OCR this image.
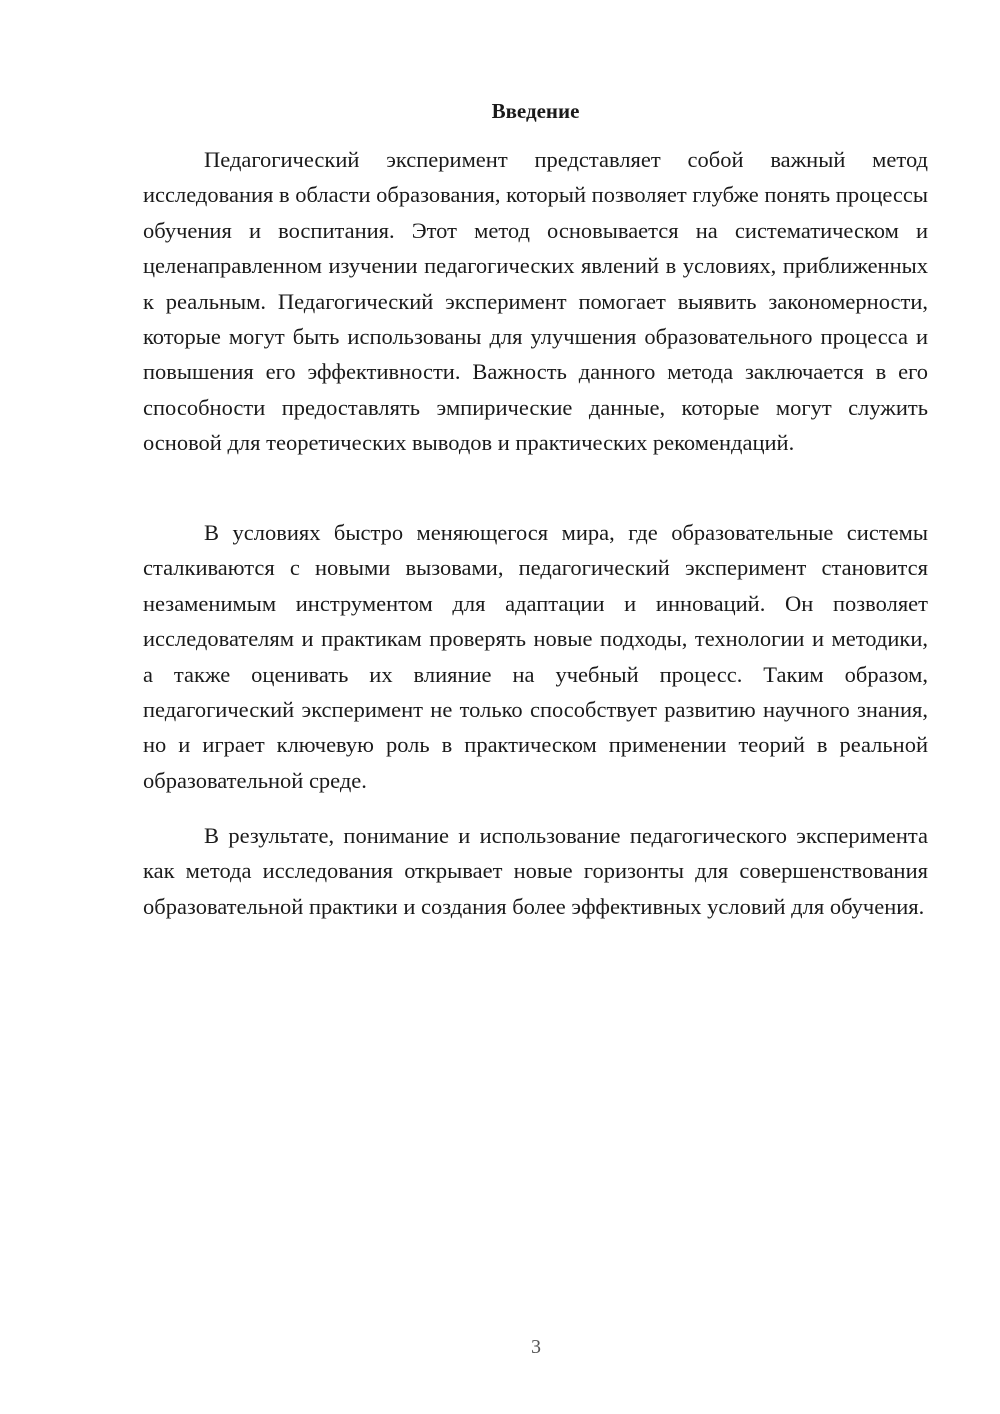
Введение

Педагогический эксперимент представляет собой важный метод исследования в области образования, который позволяет глубже понять процессы обучения и воспитания. Этот метод основывается на систематическом и целенаправленном изучении педагогических явлений в условиях, приближенных к реальным. Педагогический эксперимент помогает выявить закономерности, которые могут быть использованы для улучшения образовательного процесса и повышения его эффективности. Важность данного метода заключается в его способности предоставлять эмпирические данные, которые могут служить основой для теоретических выводов и практических рекомендаций.

В условиях быстро меняющегося мира, где образовательные системы сталкиваются с новыми вызовами, педагогический эксперимент становится незаменимым инструментом для адаптации и инноваций. Он позволяет исследователям и практикам проверять новые подходы, технологии и методики, а также оценивать их влияние на учебный процесс. Таким образом, педагогический эксперимент не только способствует развитию научного знания, но и играет ключевую роль в практическом применении теорий в реальной образовательной среде.

В результате, понимание и использование педагогического эксперимента как метода исследования открывает новые горизонты для совершенствования образовательной практики и создания более эффективных условий для обучения.

3
